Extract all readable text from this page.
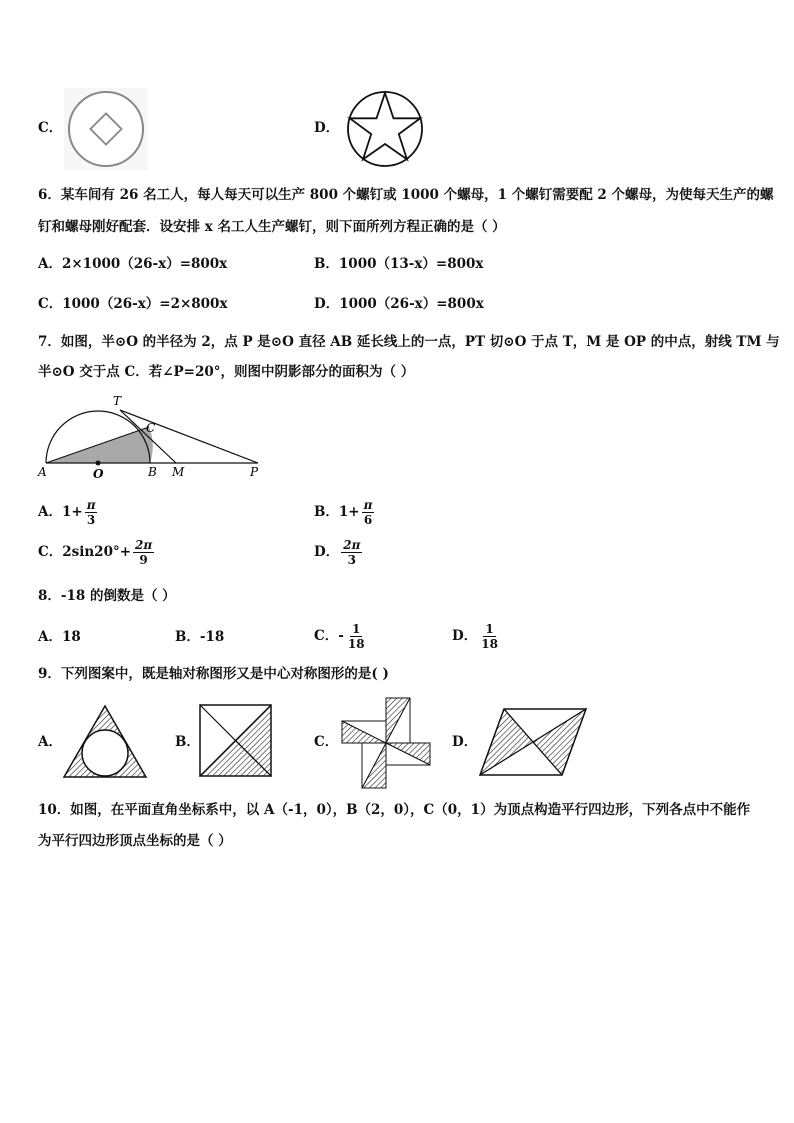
C．	D．
6．某车间有 26 名工人，每人每天可以生产 800 个螺钉或 1000 个螺母，1 个螺钉需要配 2 个螺母，为使每天生产的螺
钉和螺母刚好配套．设安排 x 名工人生产螺钉，则下面所列方程正确的是（ ）
A．2×1000（26-x）=800x	B．1000（13-x）=800x
C．1000（26-x）=2×800x	D．1000（26-x）=800x
7．如图，半⊙O 的半径为 2，点 P 是⊙O 直径 AB 延长线上的一点，PT 切⊙O 于点 T，M 是 OP 的中点，射线 TM 与
半⊙O 交于点 C．若∠P=20°，则图中阴影部分的面积为（ ）
T
C
A	O	B M	P
A．$1+ \frac{\pi}{3}$	B．$1+ \frac{\pi}{6}$
C．$2\sin 20^\circ+ \frac{2\pi}{9}$	D． $\frac{2\pi}{3}$
8．-18 的倒数是（ ）
A．18	B．-18	C．- $\frac{1}{18}$	D． $\frac{1}{18}$
9．下列图案中，既是轴对称图形又是中心对称图形的是( )
A．	B．	C．	D．
10．如图，在平面直角坐标系中，以 A（-1，0），B（2，0），C（0，1）为顶点构造平行四边形，下列各点中不能作
为平行四边形顶点坐标的是（ ）
